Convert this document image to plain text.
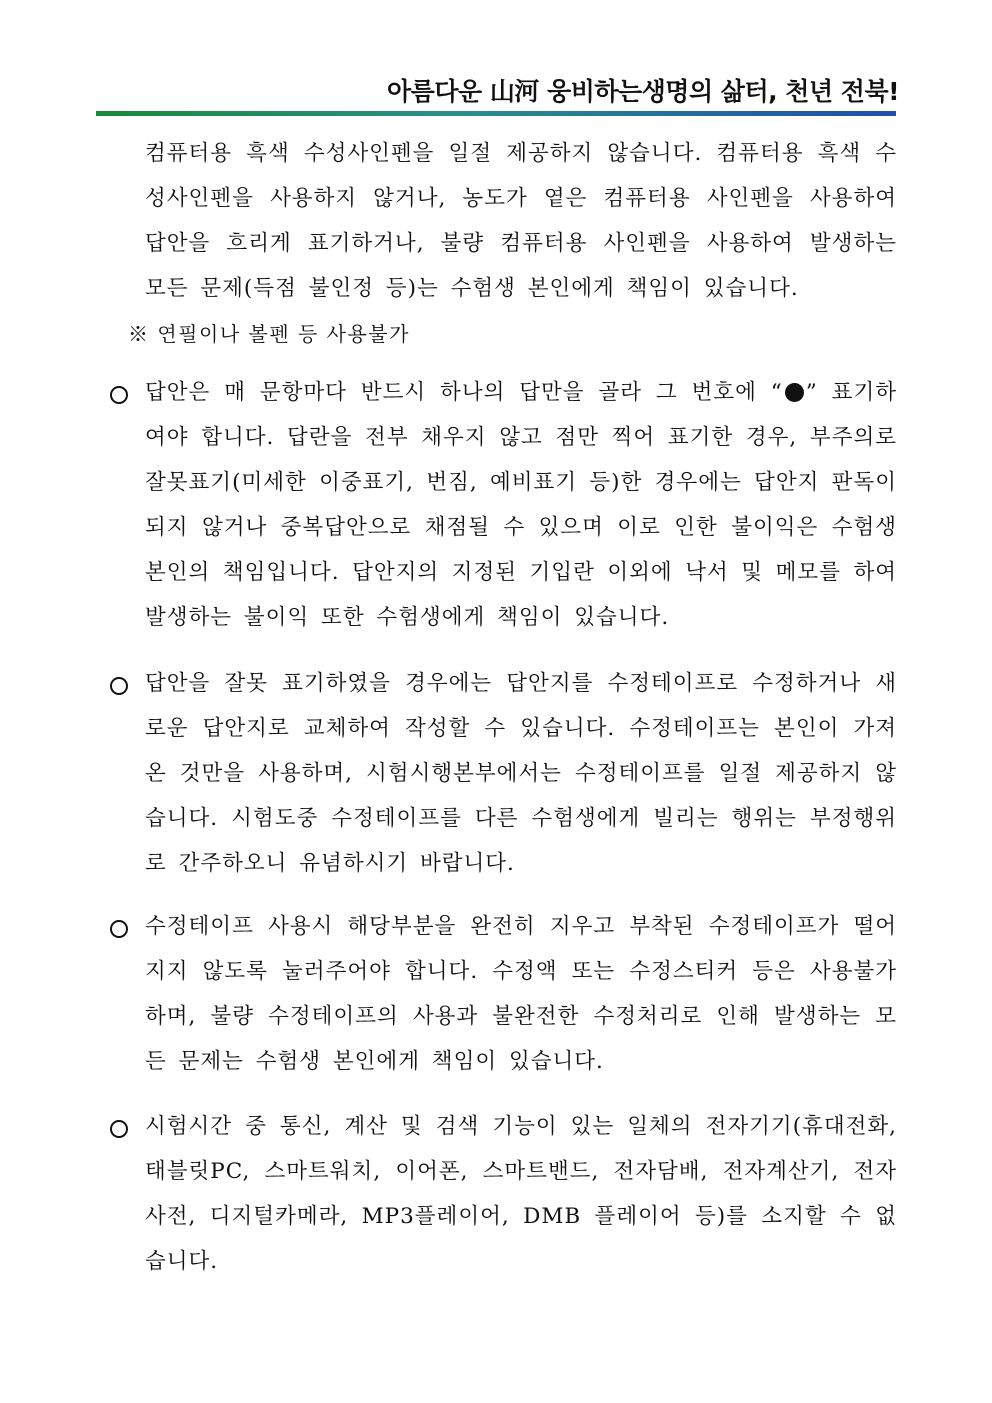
아름다운 山河 웅비하는생명의 삶터, 천년 전북!
컴퓨터용 흑색 수성사인펜을 일절 제공하지 않습니다. 컴퓨터용 흑색 수성사인펜을 사용하지 않거나, 농도가 옅은 컴퓨터용 사인펜을 사용하여 답안을 흐리게 표기하거나, 불량 컴퓨터용 사인펜을 사용하여 발생하는 모든 문제(득점 불인정 등)는 수험생 본인에게 책임이 있습니다.
※ 연필이나 볼펜 등 사용불가
답안은 매 문항마다 반드시 하나의 답만을 골라 그 번호에 “ ” 표기하여야 합니다. 답란을 전부 채우지 않고 점만 찍어 표기한 경우, 부주의로 잘못표기(미세한 이중표기, 번짐, 예비표기 등)한 경우에는 답안지 판독이 되지 않거나 중복답안으로 채점될 수 있으며 이로 인한 불이익은 수험생 본인의 책임입니다. 답안지의 지정된 기입란 이외에 낙서 및 메모를 하여 발생하는 불이익 또한 수험생에게 책임이 있습니다.
답안을 잘못 표기하였을 경우에는 답안지를 수정테이프로 수정하거나 새로운 답안지로 교체하여 작성할 수 있습니다. 수정테이프는 본인이 가져온 것만을 사용하며, 시험시행본부에서는 수정테이프를 일절 제공하지 않습니다. 시험도중 수정테이프를 다른 수험생에게 빌리는 행위는 부정행위로 간주하오니 유념하시기 바랍니다.
수정테이프 사용시 해당부분을 완전히 지우고 부착된 수정테이프가 떨어지지 않도록 눌러주어야 합니다. 수정액 또는 수정스티커 등은 사용불가하며, 불량 수정테이프의 사용과 불완전한 수정처리로 인해 발생하는 모든 문제는 수험생 본인에게 책임이 있습니다.
시험시간 중 통신, 계산 및 검색 기능이 있는 일체의 전자기기(휴대전화, 태블릿PC, 스마트워치, 이어폰, 스마트밴드, 전자담배, 전자계산기, 전자사전, 디지털카메라, MP3플레이어, DMB 플레이어 등)를 소지할 수 없습니다.
